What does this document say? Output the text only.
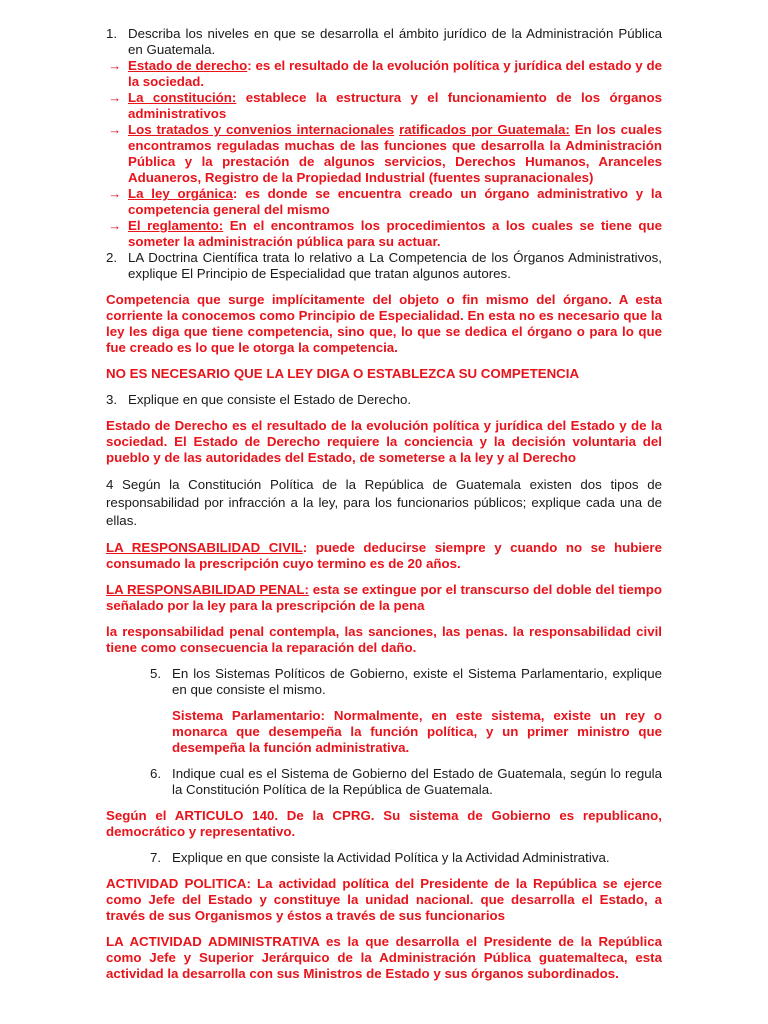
1. Describa los niveles en que se desarrolla el ámbito jurídico de la Administración Pública en Guatemala.
→ Estado de derecho: es el resultado de la evolución política y jurídica del estado y de la sociedad.
→ La constitución: establece la estructura y el funcionamiento de los órganos administrativos
→ Los tratados y convenios internacionales ratificados por Guatemala: En los cuales encontramos reguladas muchas de las funciones que desarrolla la Administración Pública y la prestación de algunos servicios, Derechos Humanos, Aranceles Aduaneros, Registro de la Propiedad Industrial (fuentes supranacionales)
→ La ley orgánica: es donde se encuentra creado un órgano administrativo y la competencia general del mismo
→ El reglamento: En el encontramos los procedimientos a los cuales se tiene que someter la administración pública para su actuar.
2. LA Doctrina Científica trata lo relativo a La Competencia de los Órganos Administrativos, explique El Principio de Especialidad que tratan algunos autores.

Competencia que surge implícitamente del objeto o fin mismo del órgano. A esta corriente la conocemos como Principio de Especialidad. En esta no es necesario que la ley les diga que tiene competencia, sino que, lo que se dedica el órgano o para lo que fue creado es lo que le otorga la competencia.

NO ES NECESARIO QUE LA LEY DIGA O ESTABLEZCA SU COMPETENCIA

3. Explique en que consiste el Estado de Derecho.

Estado de Derecho es el resultado de la evolución política y jurídica del Estado y de la sociedad. El Estado de Derecho requiere la conciencia y la decisión voluntaria del pueblo y de las autoridades del Estado, de someterse a la ley y al Derecho

4 Según la Constitución Política de la República de Guatemala existen dos tipos de responsabilidad por infracción a la ley, para los funcionarios públicos; explique cada una de ellas.

LA RESPONSABILIDAD CIVIL: puede deducirse siempre y cuando no se hubiere consumado la prescripción cuyo termino es de 20 años.

LA RESPONSABILIDAD PENAL: esta se extingue por el transcurso del doble del tiempo señalado por la ley para la prescripción de la pena

la responsabilidad penal contempla, las sanciones, las penas. la responsabilidad civil tiene como consecuencia la reparación del daño.

5. En los Sistemas Políticos de Gobierno, existe el Sistema Parlamentario, explique en que consiste el mismo.

Sistema Parlamentario: Normalmente, en este sistema, existe un rey o monarca que desempeña la función política, y un primer ministro que desempeña la función administrativa.

6. Indique cual es el Sistema de Gobierno del Estado de Guatemala, según lo regula la Constitución Política de la República de Guatemala.

Según el ARTICULO 140. De la CPRG. Su sistema de Gobierno es republicano, democrático y representativo.

7. Explique en que consiste la Actividad Política y la Actividad Administrativa.

ACTIVIDAD POLITICA: La actividad política del Presidente de la República se ejerce como Jefe del Estado y constituye la unidad nacional. que desarrolla el Estado, a través de sus Organismos y éstos a través de sus funcionarios

LA ACTIVIDAD ADMINISTRATIVA es la que desarrolla el Presidente de la República como Jefe y Superior Jerárquico de la Administración Pública guatemalteca, esta actividad la desarrolla con sus Ministros de Estado y sus órganos subordinados.
